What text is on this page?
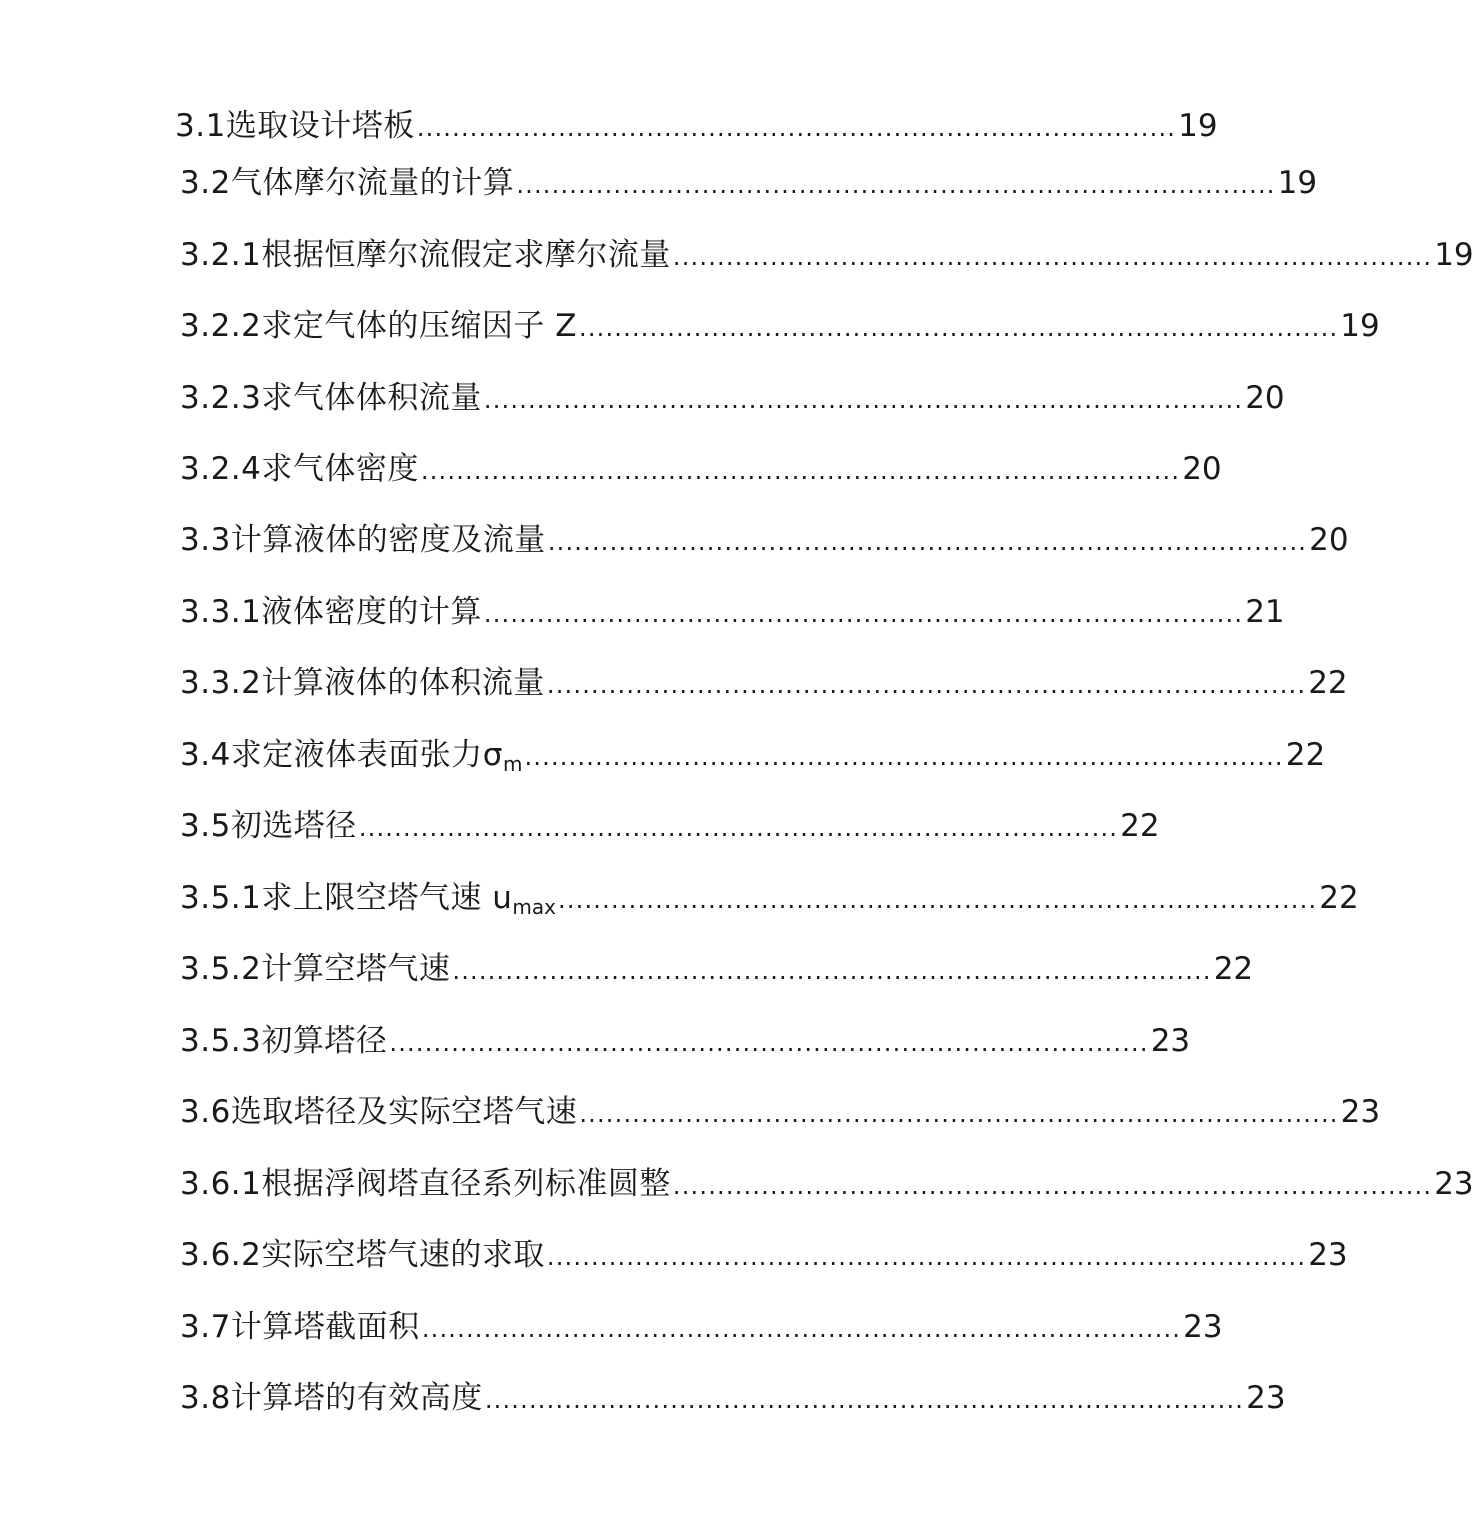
3.1 选取设计塔板 ...................................................................................... 19
3.2 气体摩尔流量的计算 ...................................................................................... 19
3.2.1 根据恒摩尔流假定求摩尔流量 ...................................................................................... 19
3.2.2 求定气体的压缩因子 Z ...................................................................................... 19
3.2.3 求气体体积流量 ...................................................................................... 20
3.2.4 求气体密度 ...................................................................................... 20
3.3 计算液体的密度及流量 ...................................................................................... 20
3.3.1 液体密度的计算 ...................................................................................... 21
3.3.2 计算液体的体积流量 ...................................................................................... 22
3.4 求定液体表面张力σ m ...................................................................................... 22
3.5 初选塔径 ...................................................................................... 22
3.5.1 求上限空塔气速 u max ...................................................................................... 22
3.5.2 计算空塔气速 ...................................................................................... 22
3.5.3 初算塔径 ...................................................................................... 23
3.6 选取塔径及实际空塔气速 ...................................................................................... 23
3.6.1 根据浮阀塔直径系列标准圆整 ...................................................................................... 23
3.6.2 实际空塔气速的求取 ...................................................................................... 23
3.7 计算塔截面积 ...................................................................................... 23
3.8 计算塔的有效高度 ...................................................................................... 23
